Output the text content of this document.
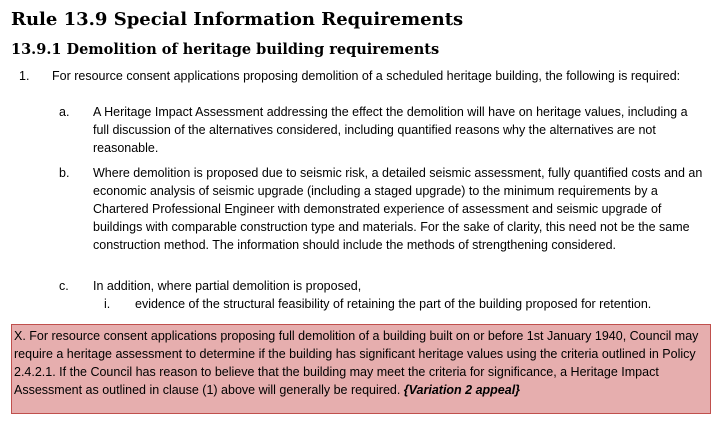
Rule 13.9 Special Information Requirements
13.9.1 Demolition of heritage building requirements
1. For resource consent applications proposing demolition of a scheduled heritage building, the following is required:
a. A Heritage Impact Assessment addressing the effect the demolition will have on heritage values, including a full discussion of the alternatives considered, including quantified reasons why the alternatives are not reasonable.
b. Where demolition is proposed due to seismic risk, a detailed seismic assessment, fully quantified costs and an economic analysis of seismic upgrade (including a staged upgrade) to the minimum requirements by a Chartered Professional Engineer with demonstrated experience of assessment and seismic upgrade of buildings with comparable construction type and materials. For the sake of clarity, this need not be the same construction method. The information should include the methods of strengthening considered.
c. In addition, where partial demolition is proposed,
i. evidence of the structural feasibility of retaining the part of the building proposed for retention.
X. For resource consent applications proposing full demolition of a building built on or before 1st January 1940, Council may require a heritage assessment to determine if the building has significant heritage values using the criteria outlined in Policy 2.4.2.1. If the Council has reason to believe that the building may meet the criteria for significance, a Heritage Impact Assessment as outlined in clause (1) above will generally be required. {Variation 2 appeal}
